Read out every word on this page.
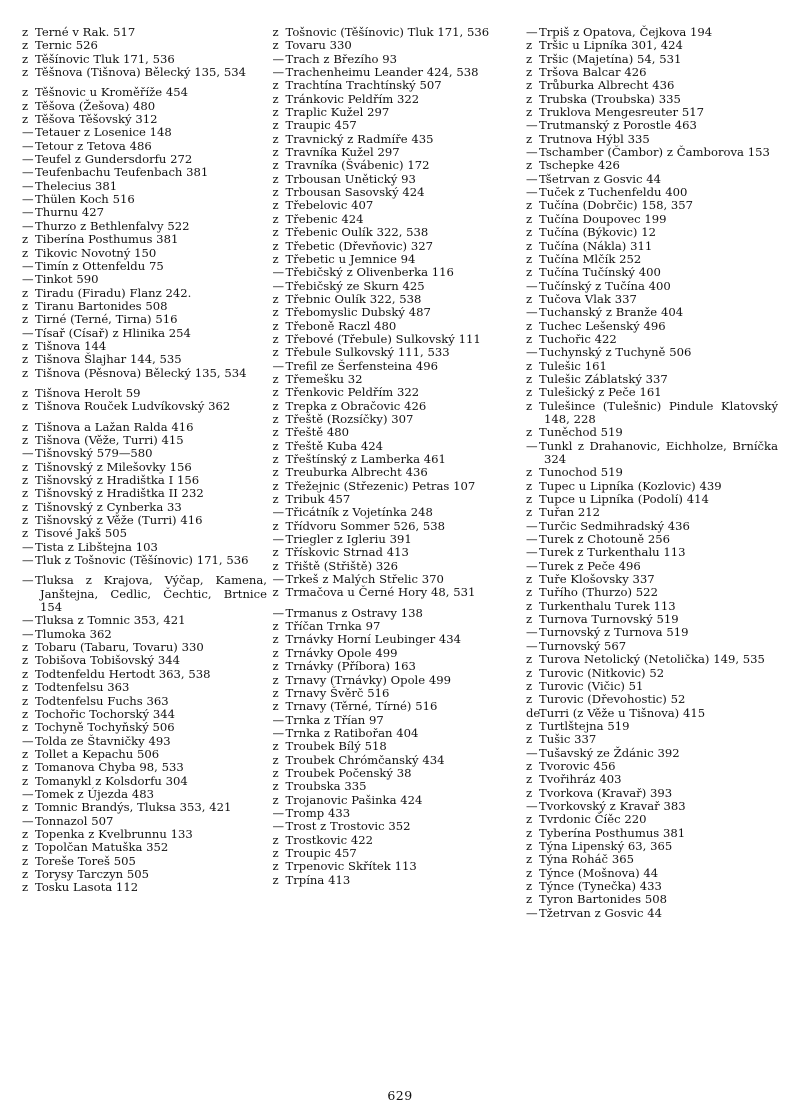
z Terné v Rak. 517

z Ternic 526

z Těšínovic Tluk 171, 536

z Těšnova (Tišnova) Bělecký 135, 534

z Těšnovic u Kroměříže 454

z Těšova (Žešova) 480

z Těšova Těšovský 312

— Tetauer z Losenice 148

— Tetour z Tetova 486

— Teufel z Gundersdorfu 272

— Teufenbachu Teufenbach 381

— Thelecius 381

— Thülen Koch 516

— Thurnu 427

— Thurzo z Bethlenfalvy 522

z Tiberína Posthumus 381

z Tikovic Novotný 150

— Timín z Ottenfeldu 75

— Tinkot 590

z Tiradu (Firadu) Flanz 242.

z Tiranu Bartonides 508

z Tirné (Terné, Tirna) 516

— Tísař (Císař) z Hlinika 254

z Tišnova 144

z Tišnova Šlajhar 144, 535

z Tišnova (Pěsnova) Bělecký 135, 534

z Tišnova Herolt 59

z Tišnova Rouček Ludvíkovský 362

z Tišnova a Lažan Ralda 416

z Tišnova (Věže, Turri) 415

— Tišnovský 579—580

z Tišnovský z Milešovky 156

z Tišnovský z Hradištka I 156

z Tišnovský z Hradištka II 232

z Tišnovský z Cynberka 33

z Tišnovský z Věže (Turri) 416

z Tisové Jakš 505

— Tista z Libštejna 103

— Tluk z Tošnovic (Těšínovic) 171, 536

— Tluksa z Krajova, Výčap, Kamena, Janštejna, Cedlic, Čechtic, Brtnice 154

— Tluksa z Tomnic 353, 421

— Tlumoka 362

z Tobaru (Tabaru, Tovaru) 330

z Tobišova Tobišovský 344

z Todtenfeldu Hertodt 363, 538

z Todtenfelsu 363

z Todtenfelsu Fuchs 363

z Tochořic Tochorský 344

z Tochyně Tochyňský 506

— Tolda ze Štavničky 493

z Tollet a Kepachu 506

z Tomanova Chyba 98, 533

z Tomanykl z Kolsdorfu 304

— Tomek z Újezda 483

z Tomnic Brandýs, Tluksa 353, 421

— Tonnazol 507

z Topenka z Kvelbrunnu 133

z Topolčan Matuška 352

z Toreše Toreš 505

z Torysy Tarczyn 505

z Tosku Lasota 112

z Tošnovic (Těšínovic) Tluk 171, 536

z Tovaru 330

— Trach z Březího 93

— Trachenheimu Leander 424, 538

z Trachtína Trachtínský 507

z Tránkovic Peldřím 322

z Traplic Kužel 297

z Traupic 457

z Travnický z Radmíře 435

z Travníka Kužel 297

z Travníka (Švábenic) 172

z Trbousan Unětický 93

z Trbousan Sasovský 424

z Třebelovic 407

z Třebenic 424

z Třebenic Oulík 322, 538

z Třebetic (Dřevňovic) 327

z Třebetic u Jemnice 94

— Třebičský z Olivenberka 116

— Třebičský ze Skurn 425

z Třebnic Oulík 322, 538

z Třebomyslic Dubský 487

z Třeboně Raczl 480

z Třebové (Třebule) Sulkovský 111

z Třebule Sulkovský 111, 533

— Trefil ze Šerfensteina 496

z Třemešku 32

z Třenkovic Peldřím 322

z Trepka z Obračovic 426

z Třeště (Rozsíčky) 307

z Třeště 480

z Třeště Kuba 424

z Třeštínský z Lamberka 461

z Treuburka Albrecht 436

z Třežejnic (Střezenic) Petras 107

z Tribuk 457

— Třicátník z Vojetínka 248

z Třídvoru Sommer 526, 538

— Triegler z Igleriu 391

z Třískovic Strnad 413

z Třiště (Střiště) 326

— Trkeš z Malých Střelic 370

z Trmačova u Černé Hory 48, 531

— Trmanus z Ostravy 138

z Tříčan Trnka 97

z Trnávky Horní Leubinger 434

z Trnávky Opole 499

z Trnávky (Příbora) 163

z Trnavy (Trnávky) Opole 499

z Trnavy Švěrč 516

z Trnavy (Těrné, Tírné) 516

— Trnka z Třían 97

— Trnka z Ratibořan 404

z Troubek Bílý 518

z Troubek Chrómčanský 434

z Troubek Počenský 38

z Troubska 335

z Trojanovic Pašinka 424

— Tromp 433

— Trost z Trostovic 352

z Trostkovic 422

z Troupic 457

z Trpenovic Skřítek 113

z Trpína 413

— Trpiš z Opatova, Čejkova 194

z Tršic u Lipníka 301, 424

z Tršic (Majetína) 54, 531

z Tršova Balcar 426

z Trůburka Albrecht 436

z Trubska (Troubska) 335

z Truklova Mengesreuter 517

— Trutmanský z Porostle 463

z Trutnova Hýbl 335

— Tschamber (Čambor) z Čamborova 153

z Tschepke 426

— Tšetrvan z Gosvic 44

— Tuček z Tuchenfeldu 400

z Tučína (Dobrčic) 158, 357

z Tučína Doupovec 199

z Tučína (Býkovic) 12

z Tučína (Nákla) 311

z Tučína Mlčík 252

z Tučína Tučínský 400

— Tučínský z Tučína 400

z Tučova Vlak 337

— Tuchanský z Branže 404

z Tuchec Lešenský 496

z Tuchořic 422

— Tuchynský z Tuchyně 506

z Tulešic 161

z Tulešic Záblatský 337

z Tulešický z Peče 161

z Tulešince (Tulešnic) Pindule Klatovský 148, 228

z Tuněchod 519

— Tunkl z Drahanovic, Eichholze, Brníčka 324

z Tunochod 519

z Tupec u Lipníka (Kozlovic) 439

z Tupce u Lipníka (Podolí) 414

z Tuřan 212

— Turčic Sedmihradský 436

— Turek z Chotouně 256

— Turek z Turkenthalu 113

— Turek z Peče 496

z Tuře Klošovsky 337

z Tuřího (Thurzo) 522

z Turkenthalu Turek 113

z Turnova Turnovský 519

— Turnovský z Turnova 519

— Turnovský 567

z Turova Netolický (Netolička) 149, 535

z Turovic (Nitkovic) 52

z Turovic (Vičic) 51

z Turovic (Dřevohostic) 52

deTurri (z Věže u Tišnova) 415

z Turtlštejna 519

z Tušic 337

— Tušavský ze Ždánic 392

z Tvorovic 456

z Tvořihráz 403

z Tvorkova (Kravař) 393

— Tvorkovský z Kravař 383

z Tvrdonic Číěc 220

z Tyberína Posthumus 381

z Týna Lipenský 63, 365

z Týna Roháč 365

z Týnce (Mošnova) 44

z Týnce (Tynečka) 433

z Tyron Bartonides 508

— Tžetrvan z Gosvic 44

629
